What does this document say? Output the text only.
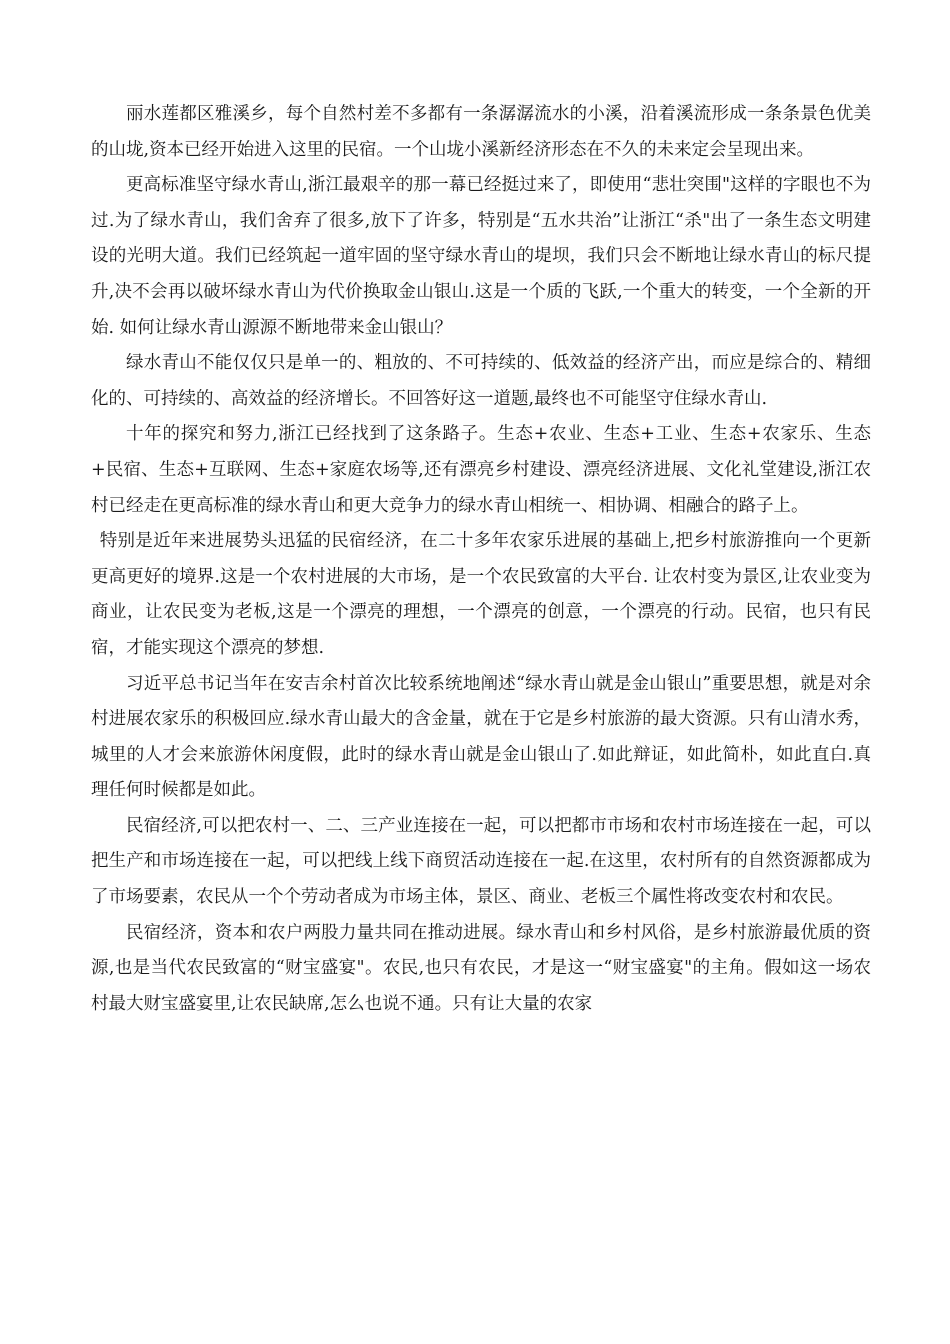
丽水莲都区雅溪乡，每个自然村差不多都有一条潺潺流水的小溪，沿着溪流形成一条条景色优美的山垅,资本已经开始进入这里的民宿。一个山垅小溪新经济形态在不久的未来定会呈现出来。

更高标准坚守绿水青山,浙江最艰辛的那一幕已经挺过来了，即使用“悲壮突围"这样的字眼也不为过.为了绿水青山，我们舍弃了很多,放下了许多，特别是“五水共治”让浙江“杀"出了一条生态文明建设的光明大道。我们已经筑起一道牢固的坚守绿水青山的堤坝，我们只会不断地让绿水青山的标尺提升,决不会再以破坏绿水青山为代价换取金山银山.这是一个质的飞跃,一个重大的转变，一个全新的开始. 如何让绿水青山源源不断地带来金山银山？

绿水青山不能仅仅只是单一的、粗放的、不可持续的、低效益的经济产出，而应是综合的、精细化的、可持续的、高效益的经济增长。不回答好这一道题,最终也不可能坚守住绿水青山.

十年的探究和努力,浙江已经找到了这条路子。生态+农业、生态+工业、生态+农家乐、生态+民宿、生态+互联网、生态+家庭农场等,还有漂亮乡村建设、漂亮经济进展、文化礼堂建设,浙江农村已经走在更高标准的绿水青山和更大竞争力的绿水青山相统一、相协调、相融合的路子上。

特别是近年来进展势头迅猛的民宿经济，在二十多年农家乐进展的基础上,把乡村旅游推向一个更新更高更好的境界.这是一个农村进展的大市场，是一个农民致富的大平台. 让农村变为景区,让农业变为商业，让农民变为老板,这是一个漂亮的理想，一个漂亮的创意，一个漂亮的行动。民宿，也只有民宿，才能实现这个漂亮的梦想.

习近平总书记当年在安吉余村首次比较系统地阐述“绿水青山就是金山银山”重要思想，就是对余村进展农家乐的积极回应.绿水青山最大的含金量，就在于它是乡村旅游的最大资源。只有山清水秀，城里的人才会来旅游休闲度假，此时的绿水青山就是金山银山了.如此辩证，如此简朴，如此直白.真理任何时候都是如此。

民宿经济,可以把农村一、二、三产业连接在一起，可以把都市市场和农村市场连接在一起，可以把生产和市场连接在一起，可以把线上线下商贸活动连接在一起.在这里，农村所有的自然资源都成为了市场要素，农民从一个个劳动者成为市场主体，景区、商业、老板三个属性将改变农村和农民。

民宿经济，资本和农户两股力量共同在推动进展。绿水青山和乡村风俗，是乡村旅游最优质的资源,也是当代农民致富的“财宝盛宴"。农民,也只有农民，才是这一“财宝盛宴"的主角。假如这一场农村最大财宝盛宴里,让农民缺席,怎么也说不通。只有让大量的农家
